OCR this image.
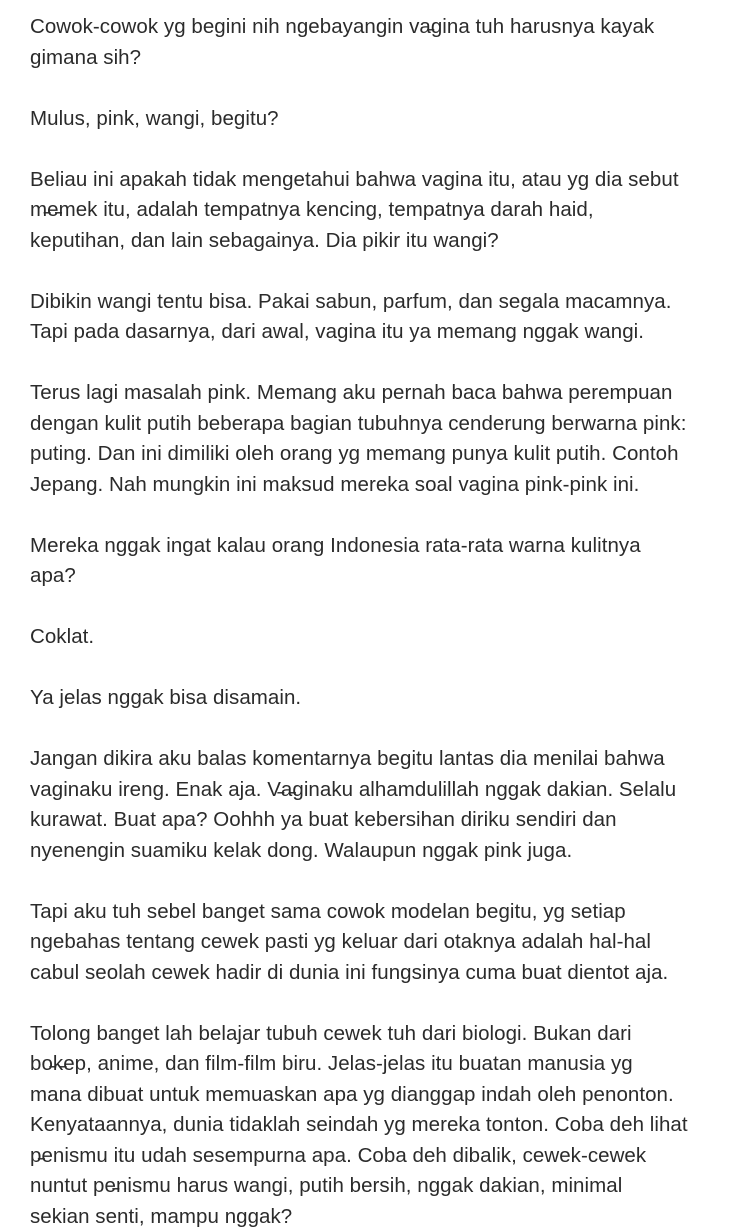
Cowok-cowok yg begini nih ngebayangin va̵gina tuh harusnya kayak
gimana sih?

Mulus, pink, wangi, begitu?

Beliau ini apakah tidak mengetahui bahwa vagina itu, atau yg dia sebut
m̵e̵mek itu, adalah tempatnya kencing, tempatnya darah haid,
keputihan, dan lain sebagainya. Dia pikir itu wangi?

Dibikin wangi tentu bisa. Pakai sabun, parfum, dan segala macamnya.
Tapi pada dasarnya, dari awal, vagina itu ya memang nggak wangi.

Terus lagi masalah pink. Memang aku pernah baca bahwa perempuan
dengan kulit putih beberapa bagian tubuhnya cenderung berwarna pink:
puting. Dan ini dimiliki oleh orang yg memang punya kulit putih. Contoh
Jepang. Nah mungkin ini maksud mereka soal vagina pink-pink ini.

Mereka nggak ingat kalau orang Indonesia rata-rata warna kulitnya
apa?

Coklat.

Ya jelas nggak bisa disamain.

Jangan dikira aku balas komentarnya begitu lantas dia menilai bahwa
vaginaku ireng. Enak aja. V̵a̵ginaku alhamdulillah nggak dakian. Selalu
kurawat. Buat apa? Oohhh ya buat kebersihan diriku sendiri dan
nyenengin suamiku kelak dong. Walaupun nggak pink juga.

Tapi aku tuh sebel banget sama cowok modelan begitu, yg setiap
ngebahas tentang cewek pasti yg keluar dari otaknya adalah hal-hal
cabul seolah cewek hadir di dunia ini fungsinya cuma buat dientot aja.

Tolong banget lah belajar tubuh cewek tuh dari biologi. Bukan dari
bo̵k̵ep, anime, dan film-film biru. Jelas-jelas itu buatan manusia yg
mana dibuat untuk memuaskan apa yg dianggap indah oleh penonton.
Kenyataannya, dunia tidaklah seindah yg mereka tonton. Coba deh lihat
p̵enismu itu udah sesempurna apa. Coba deh dibalik, cewek-cewek
nuntut pe̵nismu harus wangi, putih bersih, nggak dakian, minimal
sekian senti, mampu nggak?
